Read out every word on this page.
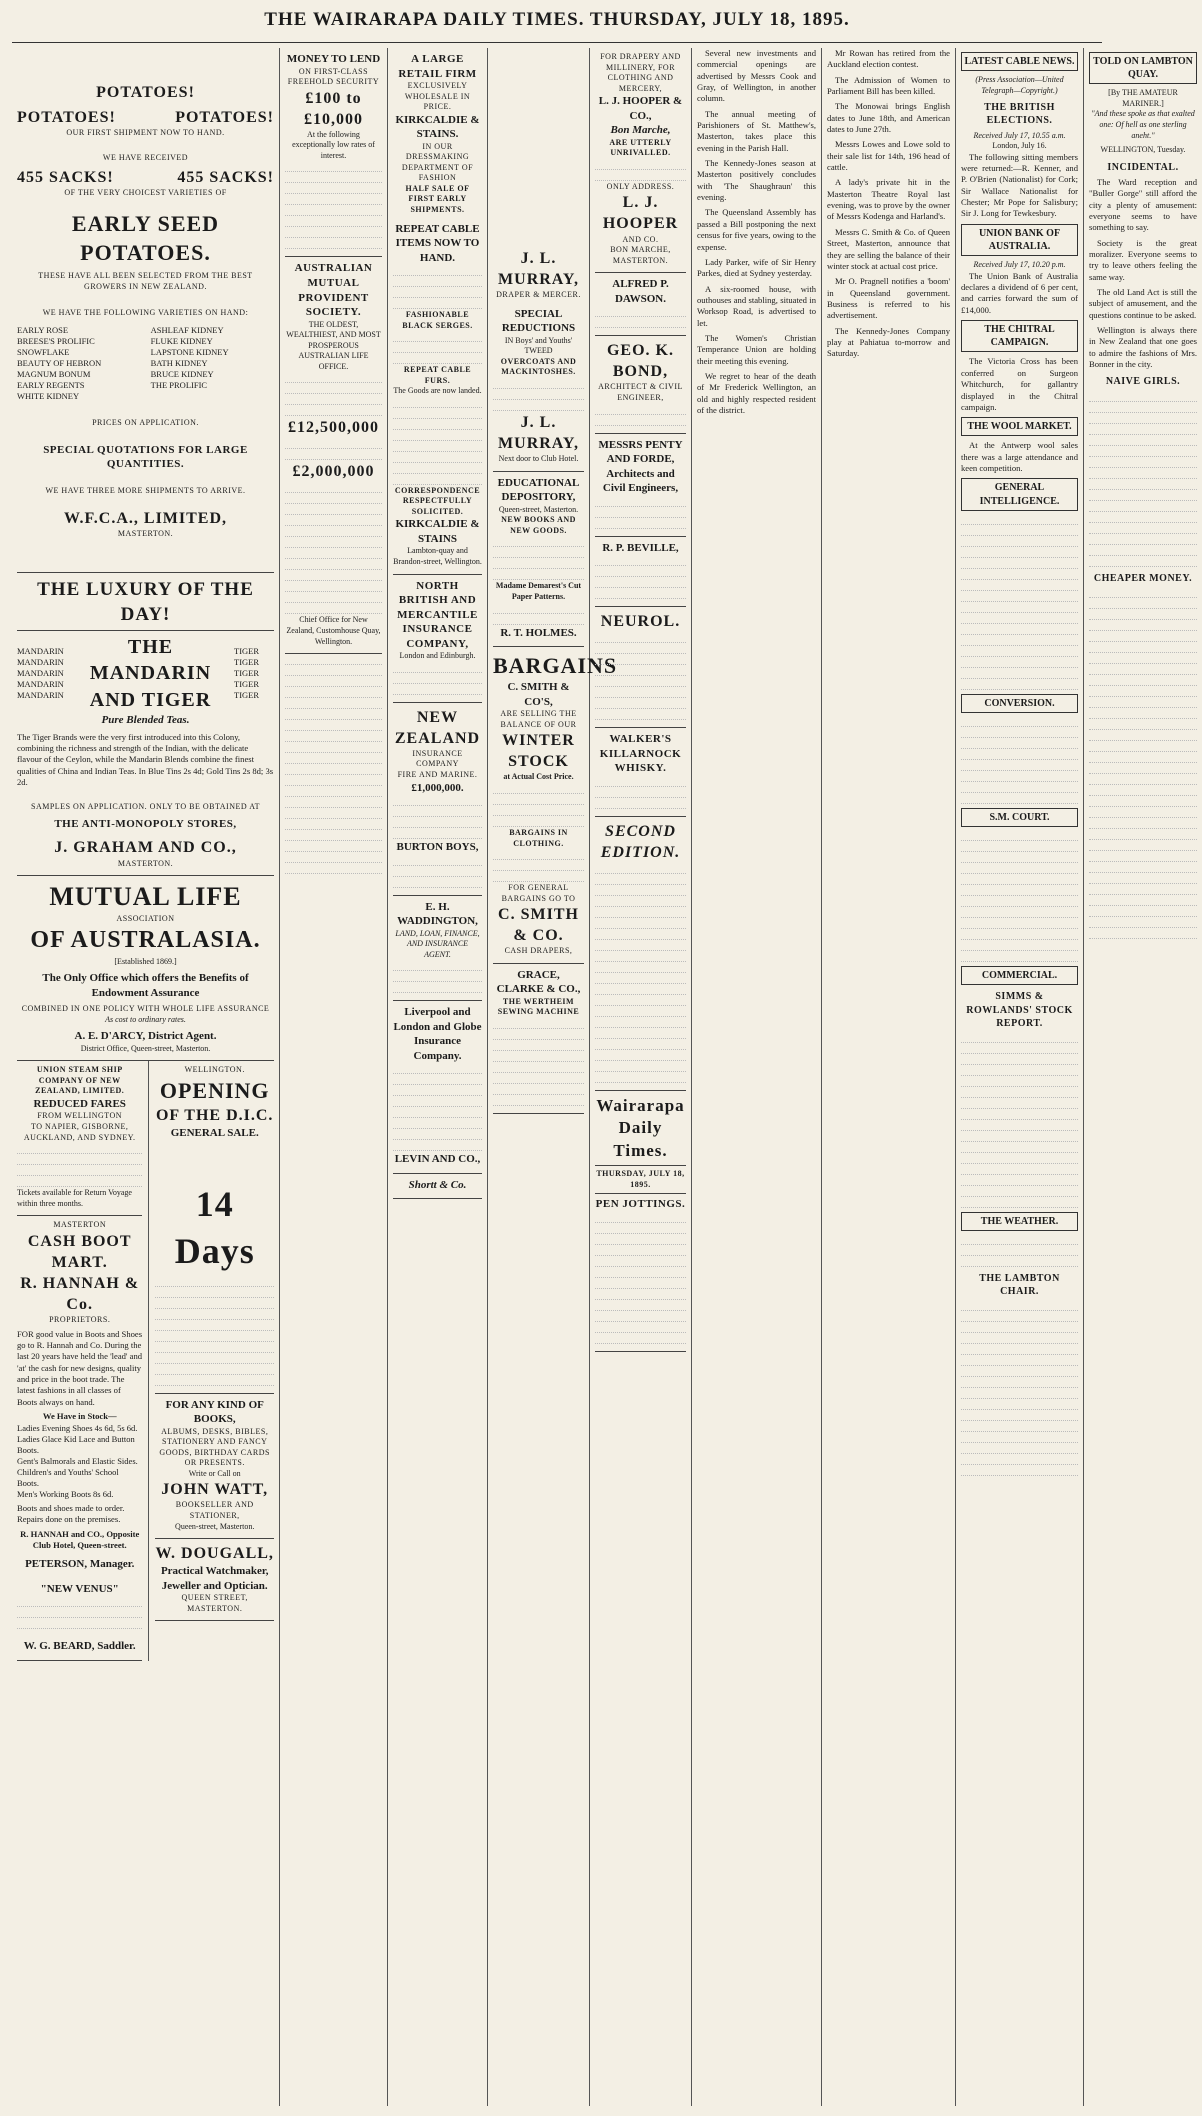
THE WAIRARAPA DAILY TIMES. THURSDAY, JULY 18, 1895.
POTATOES!
POTATOES!	POTATOES!
OUR FIRST SHIPMENT NOW TO HAND.
WE HAVE RECEIVED
455 SACKS!	455 SACKS!
OF THE VERY CHOICEST VARIETIES OF
EARLY SEED POTATOES.
THESE HAVE ALL BEEN SELECTED FROM THE BEST GROWERS IN NEW ZEALAND.
WE HAVE THE FOLLOWING VARIETIES ON HAND:
EARLY ROSE
BREESE'S PROLIFIC
SNOWFLAKE
BEAUTY OF HEBRON
MAGNUM BONUM
EARLY REGENTS
WHITE KIDNEY
ASHLEAF KIDNEY
FLUKE KIDNEY
LAPSTONE KIDNEY
BATH KIDNEY
BRUCE KIDNEY
THE PROLIFIC
PRICES ON APPLICATION.
SPECIAL QUOTATIONS FOR LARGE QUANTITIES.
WE HAVE THREE MORE SHIPMENTS TO ARRIVE.
W.F.C.A., LIMITED,
MASTERTON.
THE LUXURY OF THE DAY!
MANDARIN
MANDARIN
MANDARIN
MANDARIN
MANDARIN
THE MANDARIN AND TIGER
TIGER
TIGER
TIGER
TIGER
TIGER
Pure Blended Teas.
The Tiger Brands were the very first introduced into this Colony, combining the richness and strength of the Indian, with the delicate flavour of the Ceylon, while the Mandarin Blends combine the finest qualities of China and Indian Teas. In Blue Tins 2s 4d; Gold Tins 2s 8d; 3s 2d.
SAMPLES ON APPLICATION. ONLY TO BE OBTAINED AT
THE ANTI-MONOPOLY STORES,
J. GRAHAM AND CO.,
MASTERTON.
MUTUAL LIFE
ASSOCIATION
OF AUSTRALASIA.
[Established 1869.]
The Only Office which offers the Benefits of Endowment Assurance
COMBINED IN ONE POLICY WITH WHOLE LIFE ASSURANCE
As cost to ordinary rates.
A. E. D'ARCY, District Agent.
District Office, Queen-street, Masterton.
UNION STEAM SHIP COMPANY OF NEW ZEALAND, LIMITED.
REDUCED FARES
FROM WELLINGTON
TO NAPIER, GISBORNE, AUCKLAND, AND SYDNEY.
Tickets available for Return Voyage within three months.
MASTERTON
CASH BOOT MART.
R. HANNAH & Co.
PROPRIETORS.
FOR good value in Boots and Shoes go to R. Hannah and Co. During the last 20 years have held the 'lead' and 'at' the cash for new designs, quality and price in the boot trade. The latest fashions in all classes of Boots always on hand.
We Have in Stock—
Ladies Evening Shoes 4s 6d, 5s 6d.
Ladies Glace Kid Lace and Button Boots.
Gent's Balmorals and Elastic Sides.
Children's and Youths' School Boots.
Men's Working Boots 8s 6d.
Boots and shoes made to order. Repairs done on the premises.
R. HANNAH and CO., Opposite Club Hotel, Queen-street.
PETERSON, Manager.
"NEW VENUS"
W. G. BEARD, Saddler.
WELLINGTON.
OPENING
OF THE D.I.C.
GENERAL SALE.
14 Days
FOR ANY KIND OF BOOKS,
ALBUMS, DESKS, BIBLES, STATIONERY AND FANCY GOODS, BIRTHDAY CARDS OR PRESENTS.
Write or Call on
JOHN WATT,
BOOKSELLER AND STATIONER,
Queen-street, Masterton.
W. DOUGALL,
Practical Watchmaker, Jeweller and Optician.
QUEEN STREET, MASTERTON.
MONEY TO LEND
ON FIRST-CLASS FREEHOLD SECURITY
£100 to £10,000
At the following exceptionally low rates of interest.
AUSTRALIAN MUTUAL PROVIDENT SOCIETY.
THE OLDEST, WEALTHIEST, AND MOST PROSPEROUS AUSTRALIAN LIFE OFFICE.
£12,500,000
£2,000,000
Chief Office for New Zealand, Customhouse Quay, Wellington.
A LARGE RETAIL FIRM
EXCLUSIVELY WHOLESALE IN PRICE.
KIRKCALDIE & STAINS.
IN OUR DRESSMAKING DEPARTMENT OF FASHION
HALF SALE OF FIRST EARLY SHIPMENTS.
REPEAT CABLE ITEMS NOW TO HAND.
FASHIONABLE BLACK SERGES.
REPEAT CABLE FURS.
The Goods are now landed.
CORRESPONDENCE RESPECTFULLY SOLICITED.
KIRKCALDIE & STAINS
Lambton-quay and Brandon-street, Wellington.
NORTH BRITISH AND MERCANTILE INSURANCE COMPANY,
London and Edinburgh.
NEW ZEALAND
INSURANCE COMPANY
FIRE AND MARINE.
£1,000,000.
BURTON BOYS,
E. H. WADDINGTON,
LAND, LOAN, FINANCE, AND INSURANCE AGENT.
Liverpool and London and Globe Insurance Company.
LEVIN AND CO.,
Shortt & Co.
J. L. MURRAY,
DRAPER & MERCER.
SPECIAL REDUCTIONS
IN Boys' and Youths' TWEED
OVERCOATS AND MACKINTOSHES.
J. L. MURRAY,
Next door to Club Hotel.
EDUCATIONAL DEPOSITORY,
Queen-street, Masterton.
NEW BOOKS AND NEW GOODS.
Madame Demarest's Cut Paper Patterns.
R. T. HOLMES.
BARGAINS
C. SMITH & CO'S,
ARE SELLING THE BALANCE OF OUR
WINTER STOCK
at Actual Cost Price.
BARGAINS IN CLOTHING.
FOR GENERAL BARGAINS GO TO
C. SMITH & CO.
CASH DRAPERS,
GRACE, CLARKE & CO.,
THE WERTHEIM SEWING MACHINE
FOR DRAPERY AND MILLINERY, FOR CLOTHING AND MERCERY,
L. J. HOOPER & CO.,
Bon Marche,
ARE UTTERLY UNRIVALLED.
ONLY ADDRESS.
L. J. HOOPER
AND CO.
BON MARCHE, MASTERTON.
ALFRED P. DAWSON.
GEO. K. BOND,
ARCHITECT & CIVIL ENGINEER,
MESSRS PENTY AND FORDE, Architects and Civil Engineers,
R. P. BEVILLE,
NEUROL.
WALKER'S KILLARNOCK WHISKY.
SECOND EDITION.
Wairarapa Daily Times.
THURSDAY, JULY 18, 1895.
PEN JOTTINGS.
Several new investments and commercial openings are advertised by Messrs Cook and Gray, of Wellington, in another column.
The annual meeting of Parishioners of St. Matthew's, Masterton, takes place this evening in the Parish Hall.
The Kennedy-Jones season at Masterton positively concludes with 'The Shaughraun' this evening.
The Queensland Assembly has passed a Bill postponing the next census for five years, owing to the expense.
Lady Parker, wife of Sir Henry Parkes, died at Sydney yesterday.
A six-roomed house, with outhouses and stabling, situated in Worksop Road, is advertised to let.
The Women's Christian Temperance Union are holding their meeting this evening.
We regret to hear of the death of Mr Frederick Wellington, an old and highly respected resident of the district.
Mr Rowan has retired from the Auckland election contest.
The Admission of Women to Parliament Bill has been killed.
The Monowai brings English dates to June 18th, and American dates to June 27th.
Messrs Lowes and Lowe sold to their sale list for 14th, 196 head of cattle.
A lady's private hit in the Masterton Theatre Royal last evening, was to prove by the owner of Messrs Kodenga and Harland's.
Messrs C. Smith & Co. of Queen Street, Masterton, announce that they are selling the balance of their winter stock at actual cost price.
Mr O. Pragnell notifies a 'boom' in Queensland government. Business is referred to his advertisement.
The Kennedy-Jones Company play at Pahiatua to-morrow and Saturday.
LATEST CABLE NEWS.
(Press Association—United Telegraph—Copyright.)
THE BRITISH ELECTIONS.
Received July 17, 10.55 a.m.
London, July 16.
The following sitting members were returned:—R. Kenner, and P. O'Brien (Nationalist) for Cork; Sir Wallace Nationalist for Chester; Mr Pope for Salisbury; Sir J. Long for Tewkesbury.
UNION BANK OF AUSTRALIA.
Received July 17, 10.20 p.m.
The Union Bank of Australia declares a dividend of 6 per cent, and carries forward the sum of £14,000.
THE CHITRAL CAMPAIGN.
The Victoria Cross has been conferred on Surgeon Whitchurch, for gallantry displayed in the Chitral campaign.
THE WOOL MARKET.
At the Antwerp wool sales there was a large attendance and keen competition.
GENERAL INTELLIGENCE.
CONVERSION.
S.M. COURT.
COMMERCIAL.
SIMMS & ROWLANDS' STOCK REPORT.
THE WEATHER.
THE LAMBTON CHAIR.
TOLD ON LAMBTON QUAY.
[By THE AMATEUR MARINER.]
"And these spoke as that exalted one: Of hell as one sterling aneht."
WELLINGTON, Tuesday.
INCIDENTAL.
The Ward reception and "Buller Gorge" still afford the city a plenty of amusement: everyone seems to have something to say.
Society is the great moralizer. Everyone seems to try to leave others feeling the same way.
The old Land Act is still the subject of amusement, and the questions continue to be asked.
Wellington is always there in New Zealand that one goes to admire the fashions of Mrs. Bonner in the city.
NAIVE GIRLS.
CHEAPER MONEY.
